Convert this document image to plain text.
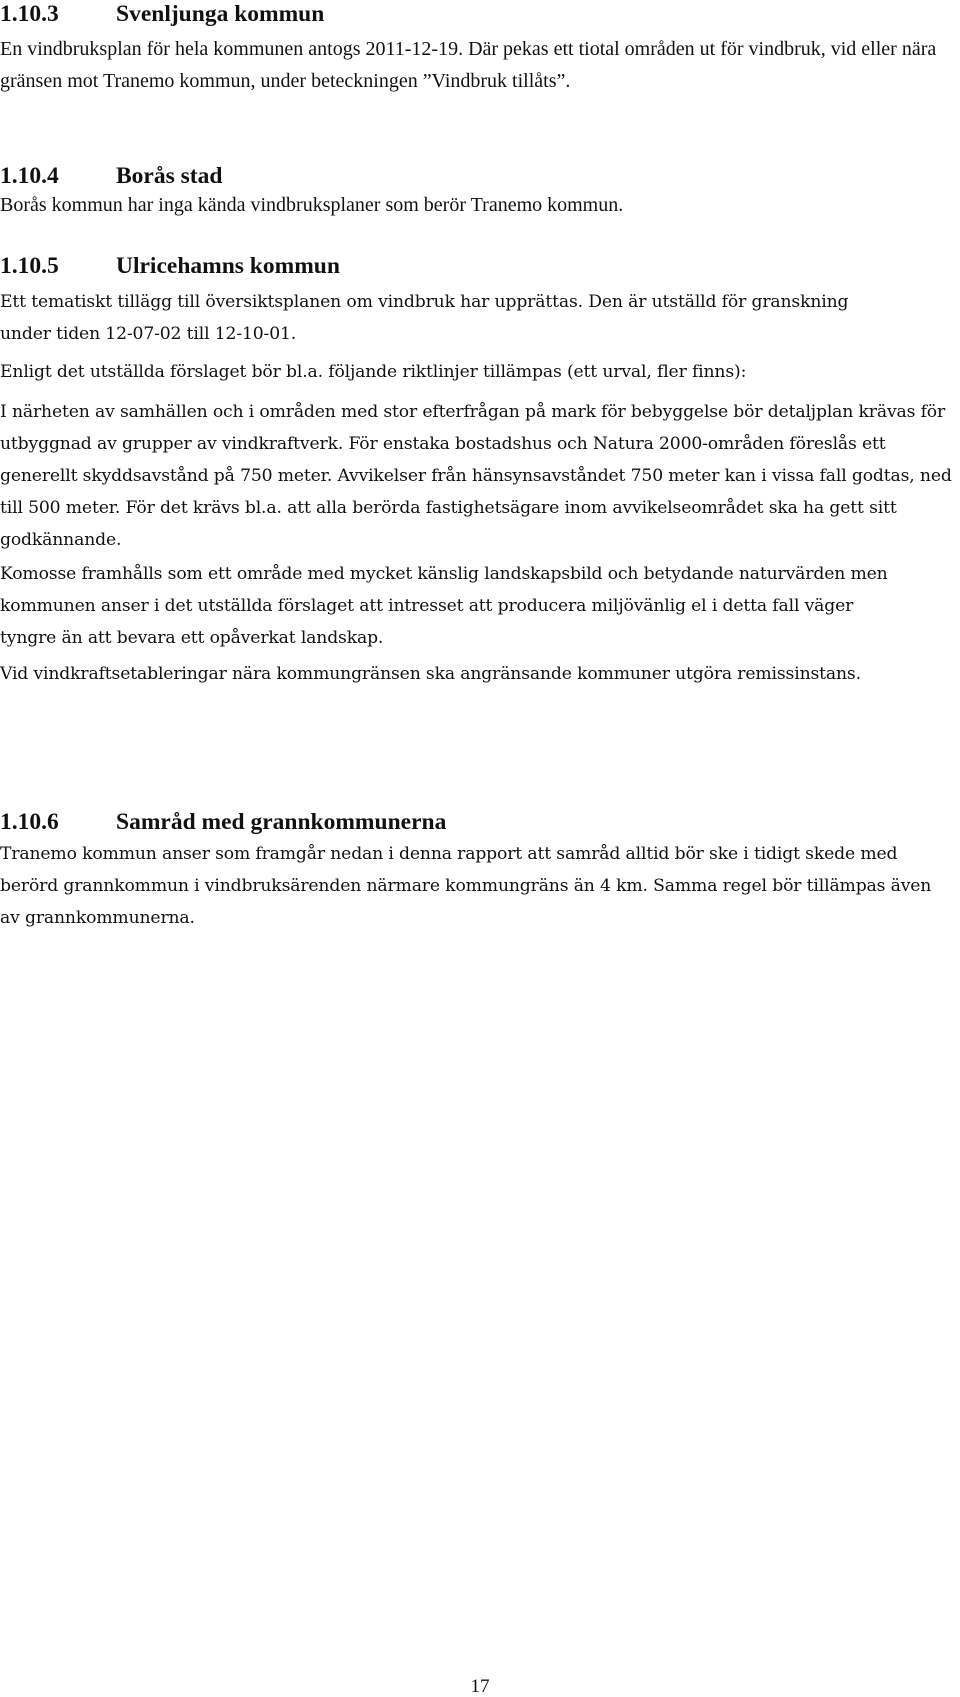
1.10.3 Svenljunga kommun

En vindbruksplan för hela kommunen antogs 2011-12-19. Där pekas ett tiotal områden ut för vindbruk, vid eller nära gränsen mot Tranemo kommun, under beteckningen ”Vindbruk tillåts”.

1.10.4 Borås stad

Borås kommun har inga kända vindbruksplaner som berör Tranemo kommun.

1.10.5 Ulricehamns kommun

Ett tematiskt tillägg till översiktsplanen om vindbruk har upprättas. Den är utställd för granskning under tiden 12-07-02 till 12-10-01.

Enligt det utställda förslaget bör bl.a. följande riktlinjer tillämpas (ett urval, fler finns):

I närheten av samhällen och i områden med stor efterfrågan på mark för bebyggelse bör detaljplan krävas för utbyggnad av grupper av vindkraftverk. För enstaka bostadshus och Natura 2000-områden föreslås ett generellt skyddsavstånd på 750 meter. Avvikelser från hänsynsavståndet 750 meter kan i vissa fall godtas, ned till 500 meter. För det krävs bl.a. att alla berörda fastighetsägare inom avvikelseområdet ska ha gett sitt godkännande.

Komosse framhålls som ett område med mycket känslig landskapsbild och betydande naturvärden men kommunen anser i det utställda förslaget att intresset att producera miljövänlig el i detta fall väger tyngre än att bevara ett opåverkat landskap.

Vid vindkraftsetableringar nära kommungränsen ska angränsande kommuner utgöra remissinstans.

1.10.6 Samråd med grannkommunerna

Tranemo kommun anser som framgår nedan i denna rapport att samråd alltid bör ske i tidigt skede med berörd grannkommun i vindbruksärenden närmare kommungräns än 4 km. Samma regel bör tillämpas även av grannkommunerna.

17
